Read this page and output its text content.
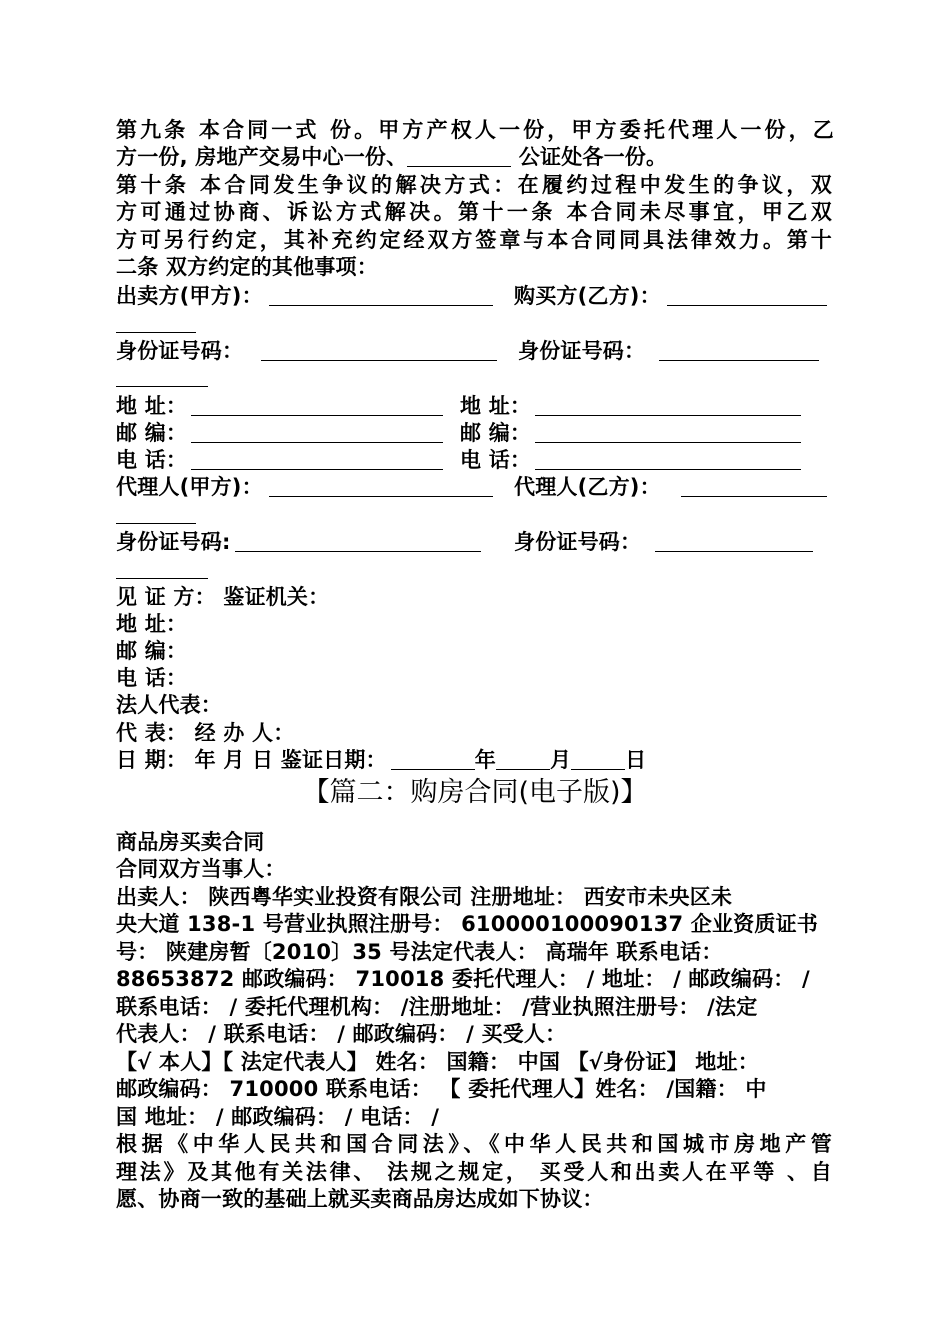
第九条 本合同一式 份。甲方产权人一份，甲方委托代理人一份，乙
方一份, 房地产交易中心一份、	公证处各一份。
第十条 本合同发生争议的解决方式：在履约过程中发生的争议，双
方可通过协商、诉讼方式解决。第十一条 本合同未尽事宜，甲乙双
方可另行约定，其补充约定经双方签章与本合同同具法律效力。第十
二条 双方约定的其他事项：
出卖方(甲方)：	购买方(乙方)：
身份证号码：	身份证号码：
地 址：	地 址：
邮 编：	邮 编：
电 话：	电 话：
代理人(甲方)：	代理人(乙方)：
身份证号码:	身份证号码：
见 证 方： 鉴证机关：
地 址：
邮 编：
电 话：
法人代表：
代 表： 经 办 人：
日 期： 年 月 日 鉴证日期：	年	月	日
【篇二：购房合同(电子版)】
商品房买卖合同
合同双方当事人：
出卖人： 陕西粤华实业投资有限公司 注册地址： 西安市未央区未
央大道 138-1 号营业执照注册号： 610000100090137 企业资质证书
号： 陕建房暂〔2010〕35 号法定代表人： 高瑞年 联系电话：
88653872 邮政编码： 710018 委托代理人： / 地址： / 邮政编码： /
联系电话： / 委托代理机构： /注册地址： /营业执照注册号： /法定
代表人： / 联系电话： / 邮政编码： / 买受人：
【√ 本人】【 法定代表人】 姓名： 国籍： 中国 【√身份证】 地址：
邮政编码： 710000 联系电话： 【 委托代理人】姓名： /国籍： 中
国 地址： / 邮政编码： / 电话： /
根据《中华人民共和国合同法》、《中华人民共和国城市房地产管
理法》及其他有关法律、 法规之规定， 买受人和出卖人在平等 、自
愿、协商一致的基础上就买卖商品房达成如下协议：
